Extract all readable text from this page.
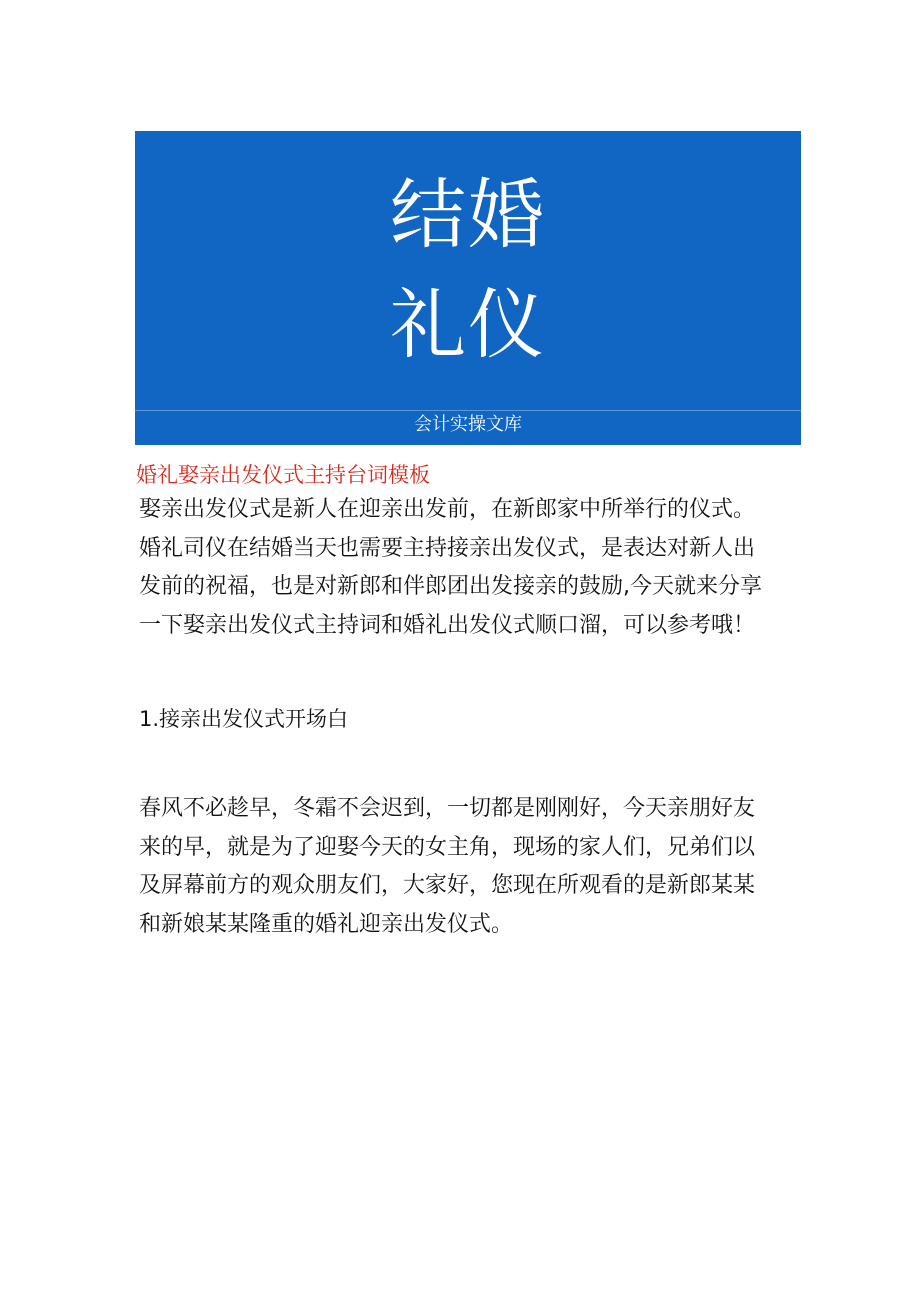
结婚
礼仪
会计实操文库
婚礼娶亲出发仪式主持台词模板

娶亲出发仪式是新人在迎亲出发前，在新郎家中所举行的仪式。
婚礼司仪在结婚当天也需要主持接亲出发仪式，是表达对新人出
发前的祝福，也是对新郎和伴郎团出发接亲的鼓励,今天就来分享
一下娶亲出发仪式主持词和婚礼出发仪式顺口溜，可以参考哦！

1.接亲出发仪式开场白

春风不必趁早，冬霜不会迟到，一切都是刚刚好，今天亲朋好友
来的早，就是为了迎娶今天的女主角，现场的家人们，兄弟们以
及屏幕前方的观众朋友们，大家好，您现在所观看的是新郎某某
和新娘某某隆重的婚礼迎亲出发仪式。
